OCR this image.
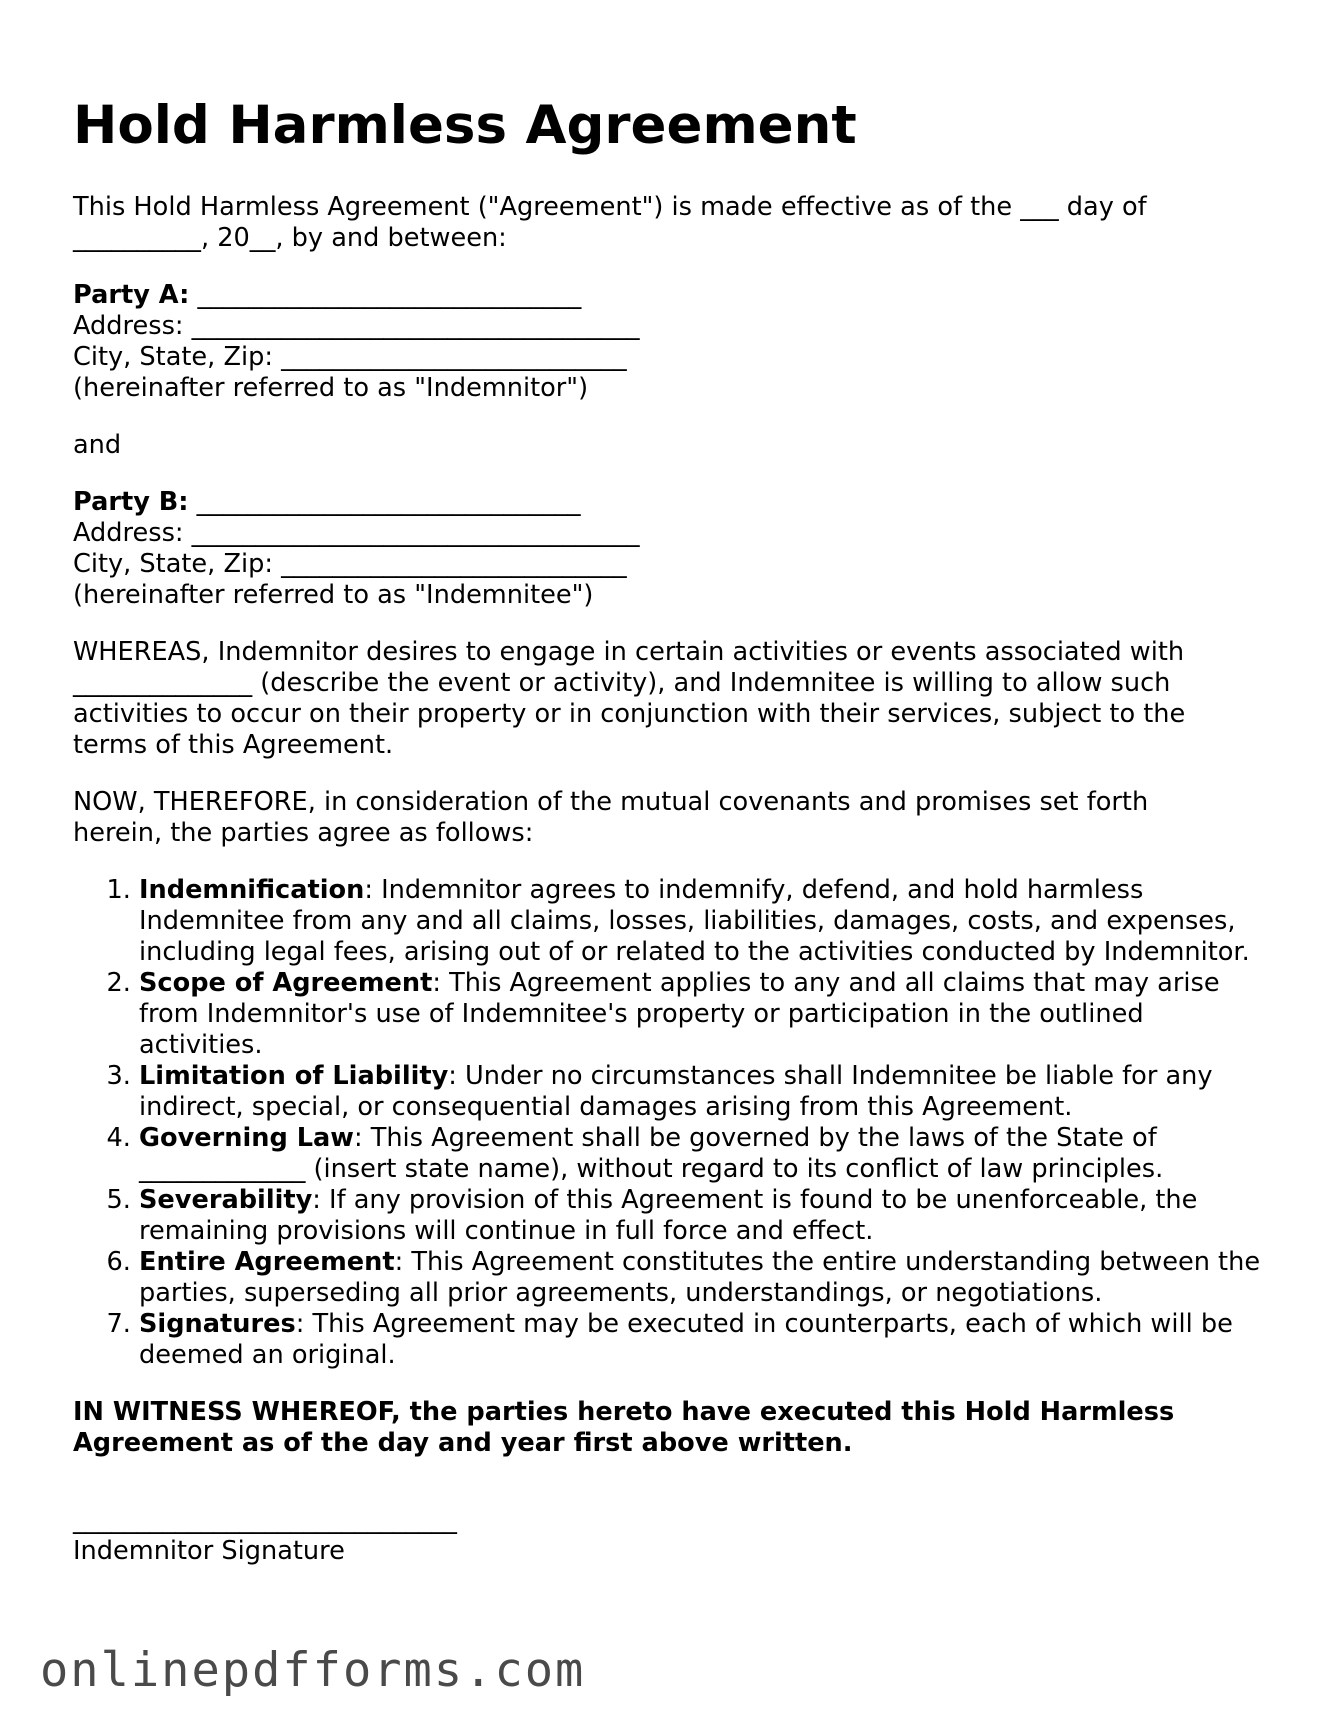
Hold Harmless Agreement

This Hold Harmless Agreement ("Agreement") is made effective as of the ___ day of
__________, 20__, by and between:

Party A: ______________________________
Address: ___________________________________
City, State, Zip: ___________________________
(hereinafter referred to as "Indemnitor")

and

Party B: ______________________________
Address: ___________________________________
City, State, Zip: ___________________________
(hereinafter referred to as "Indemnitee")

WHEREAS, Indemnitor desires to engage in certain activities or events associated with
______________ (describe the event or activity), and Indemnitee is willing to allow such
activities to occur on their property or in conjunction with their services, subject to the
terms of this Agreement.

NOW, THEREFORE, in consideration of the mutual covenants and promises set forth
herein, the parties agree as follows:

1. Indemnification: Indemnitor agrees to indemnify, defend, and hold harmless Indemnitee from any and all claims, losses, liabilities, damages, costs, and expenses, including legal fees, arising out of or related to the activities conducted by Indemnitor.
2. Scope of Agreement: This Agreement applies to any and all claims that may arise from Indemnitor's use of Indemnitee's property or participation in the outlined activities.
3. Limitation of Liability: Under no circumstances shall Indemnitee be liable for any indirect, special, or consequential damages arising from this Agreement.
4. Governing Law: This Agreement shall be governed by the laws of the State of _____________ (insert state name), without regard to its conflict of law principles.
5. Severability: If any provision of this Agreement is found to be unenforceable, the remaining provisions will continue in full force and effect.
6. Entire Agreement: This Agreement constitutes the entire understanding between the parties, superseding all prior agreements, understandings, or negotiations.
7. Signatures: This Agreement may be executed in counterparts, each of which will be deemed an original.

IN WITNESS WHEREOF, the parties hereto have executed this Hold Harmless
Agreement as of the day and year first above written.

______________________________
Indemnitor Signature
onlinepdfforms.com
